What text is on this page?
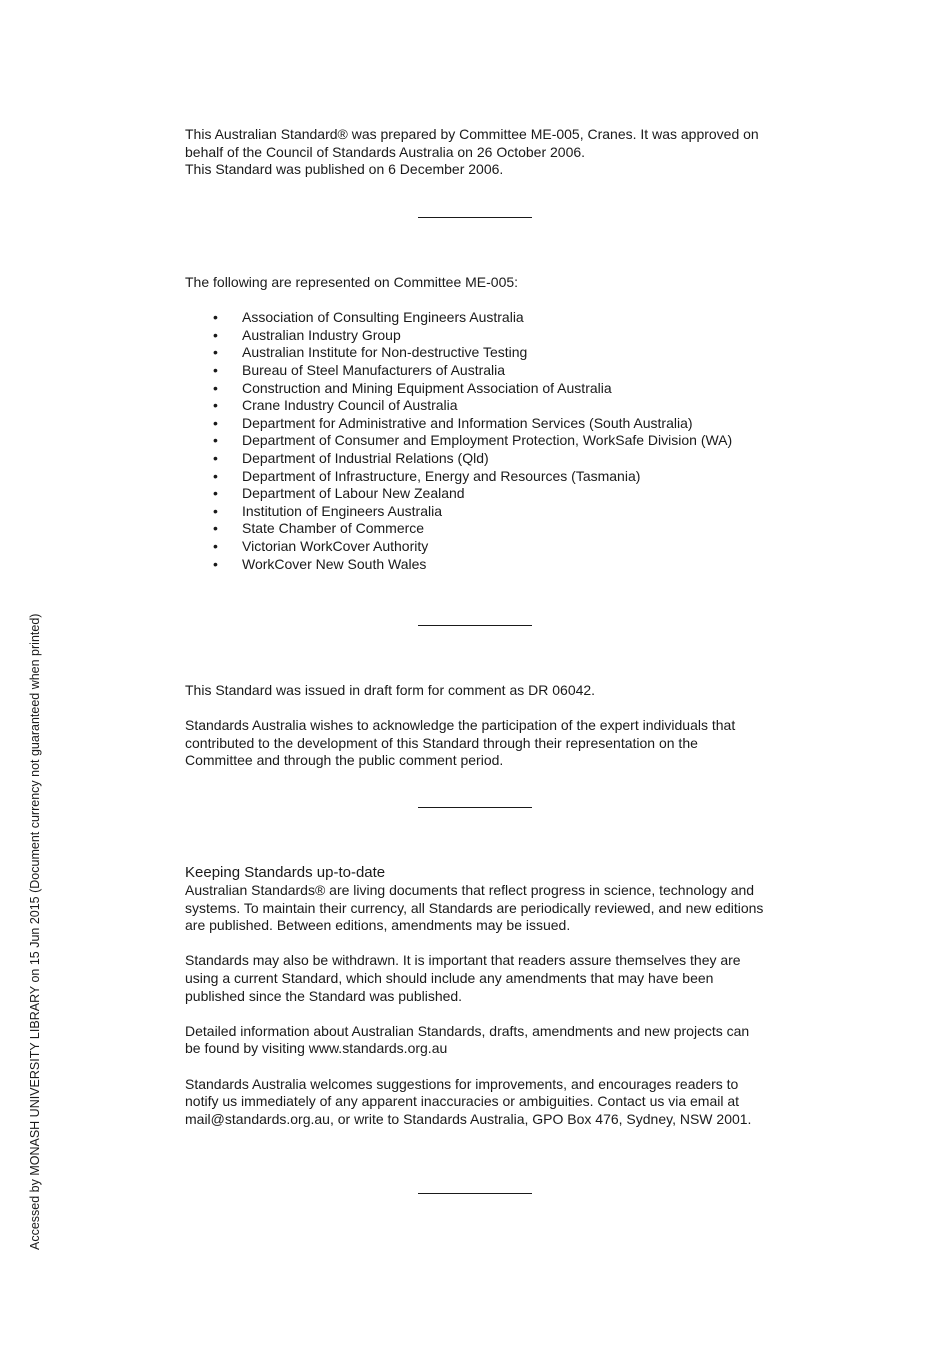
This Australian Standard® was prepared by Committee ME-005, Cranes. It was approved on

behalf of the Council of Standards Australia on 26 October 2006.

This Standard was published on 6 December 2006.

The following are represented on Committee ME-005:

• Association of Consulting Engineers Australia
• Australian Industry Group
• Australian Institute for Non-destructive Testing
• Bureau of Steel Manufacturers of Australia
• Construction and Mining Equipment Association of Australia
• Crane Industry Council of Australia
• Department for Administrative and Information Services (South Australia)
• Department of Consumer and Employment Protection, WorkSafe Division (WA)
• Department of Industrial Relations (Qld)
• Department of Infrastructure, Energy and Resources (Tasmania)
• Department of Labour New Zealand
• Institution of Engineers Australia
• State Chamber of Commerce
• Victorian WorkCover Authority
• WorkCover New South Wales

This Standard was issued in draft form for comment as DR 06042.

Standards Australia wishes to acknowledge the participation of the expert individuals that

contributed to the development of this Standard through their representation on the

Committee and through the public comment period.

Keeping Standards up-to-date

Australian Standards® are living documents that reflect progress in science, technology and

systems. To maintain their currency, all Standards are periodically reviewed, and new editions

are published. Between editions, amendments may be issued.

Standards may also be withdrawn. It is important that readers assure themselves they are

using a current Standard, which should include any amendments that may have been

published since the Standard was published.

Detailed information about Australian Standards, drafts, amendments and new projects can

be found by visiting www.standards.org.au

Standards Australia welcomes suggestions for improvements, and encourages readers to

notify us immediately of any apparent inaccuracies or ambiguities. Contact us via email at

mail@standards.org.au, or write to Standards Australia, GPO Box 476, Sydney, NSW 2001.

Accessed by MONASH UNIVERSITY LIBRARY on 15 Jun 2015 (Document currency not guaranteed when printed)
